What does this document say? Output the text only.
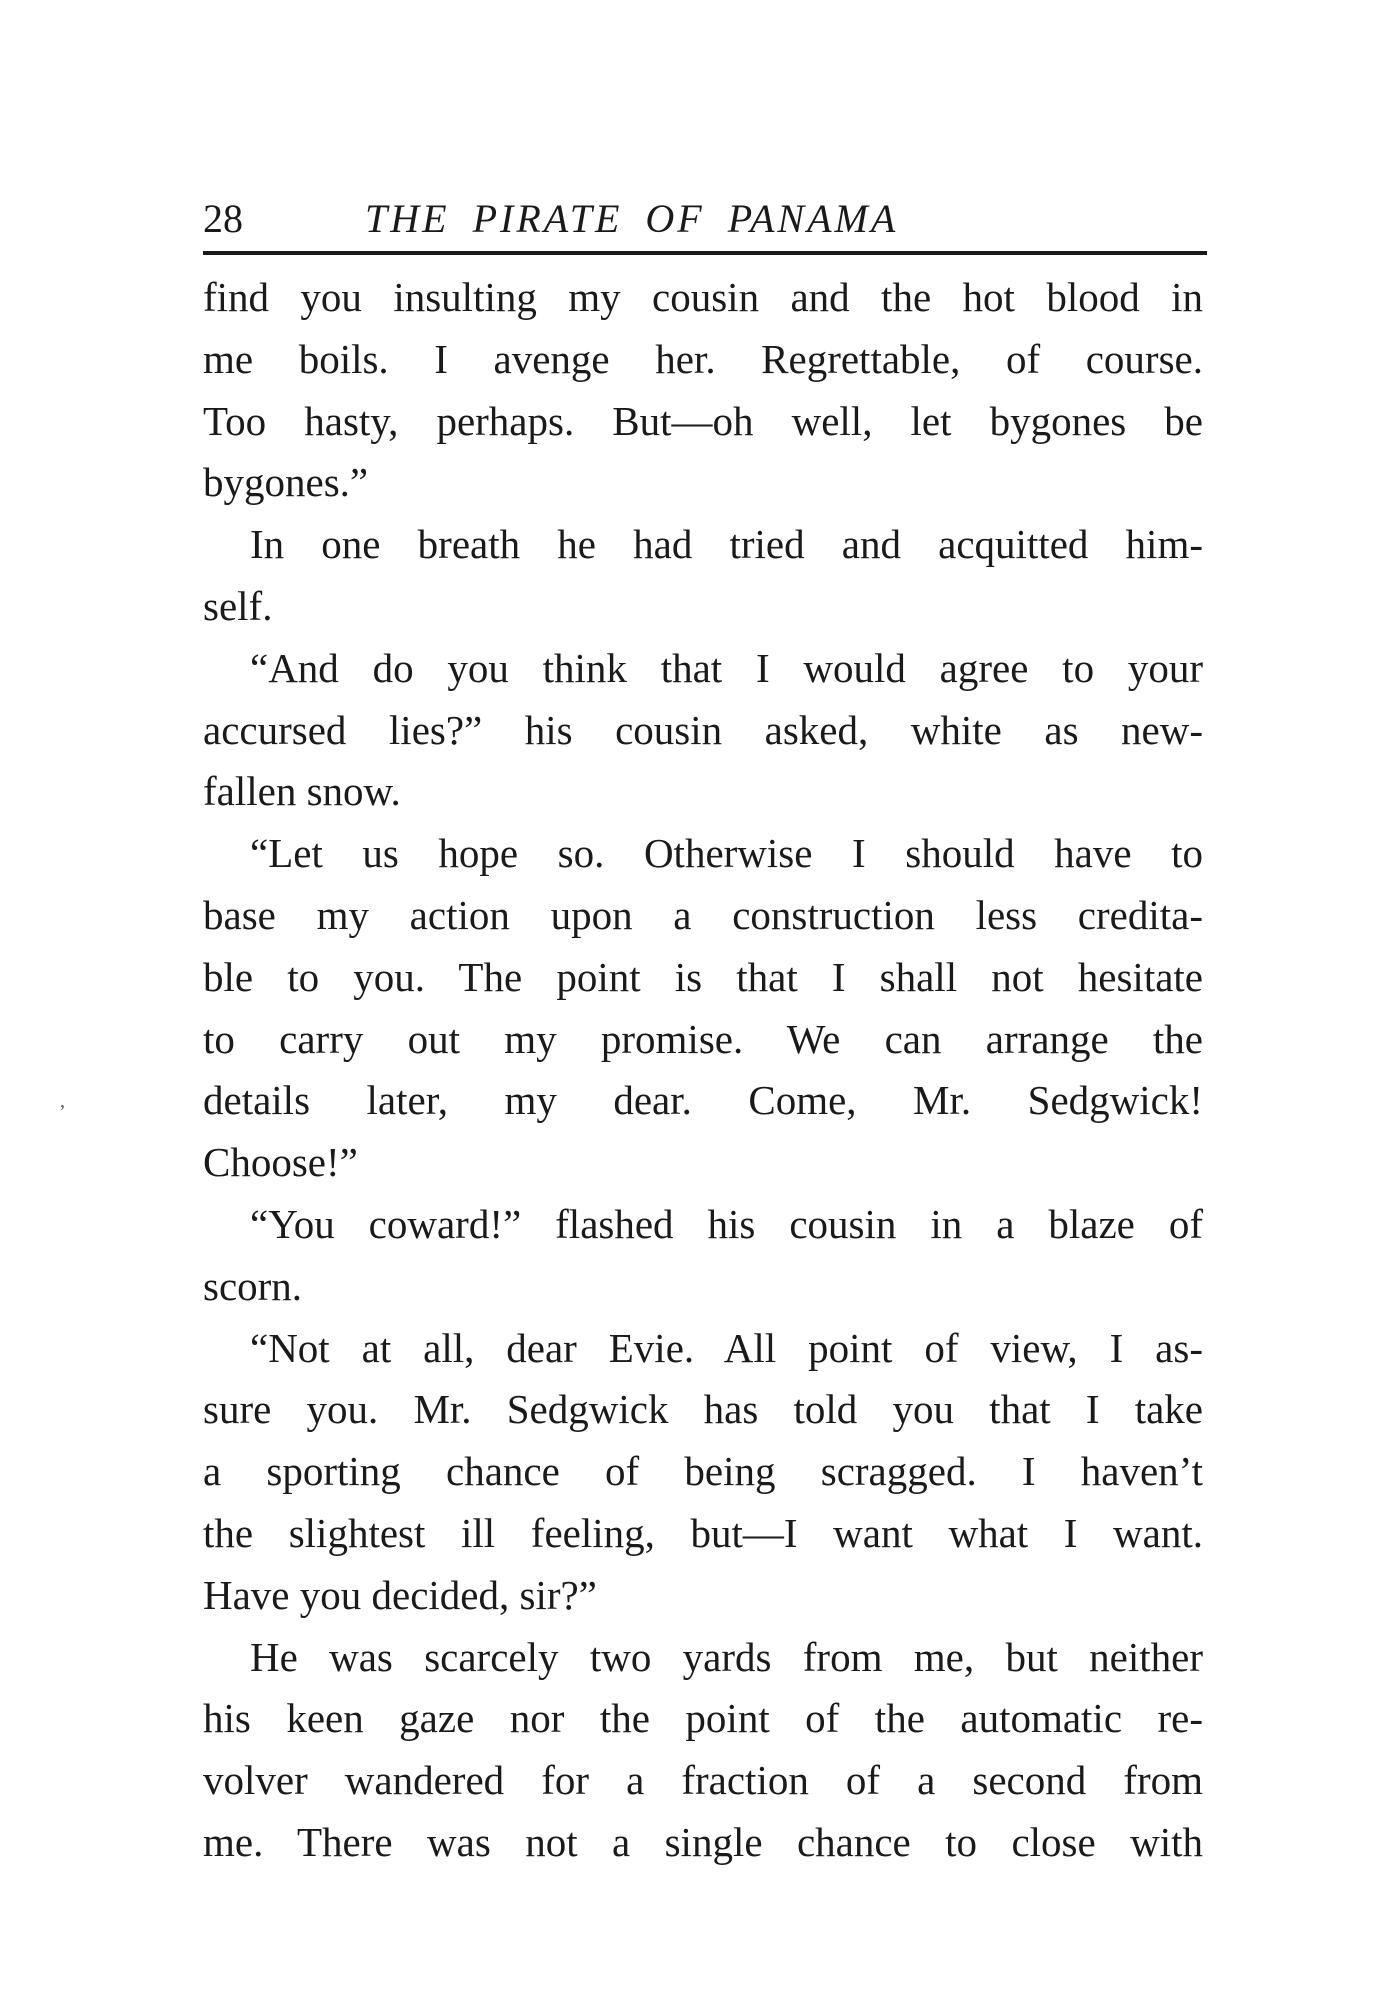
28	THE PIRATE OF PANAMA
find you insulting my cousin and the hot blood in
me boils. I avenge her. Regrettable, of course.
Too hasty, perhaps. But—oh well, let bygones be
bygones.”
In one breath he had tried and acquitted him-
self.
“And do you think that I would agree to your
accursed lies?” his cousin asked, white as new-
fallen snow.
“Let us hope so. Otherwise I should have to
base my action upon a construction less credita-
ble to you. The point is that I shall not hesitate
to carry out my promise. We can arrange the
details later, my dear. Come, Mr. Sedgwick!
Choose!”
“You coward!” flashed his cousin in a blaze of
scorn.
“Not at all, dear Evie. All point of view, I as-
sure you. Mr. Sedgwick has told you that I take
a sporting chance of being scragged. I haven’t
the slightest ill feeling, but—I want what I want.
Have you decided, sir?”
He was scarcely two yards from me, but neither
his keen gaze nor the point of the automatic re-
volver wandered for a fraction of a second from
me. There was not a single chance to close with
,
